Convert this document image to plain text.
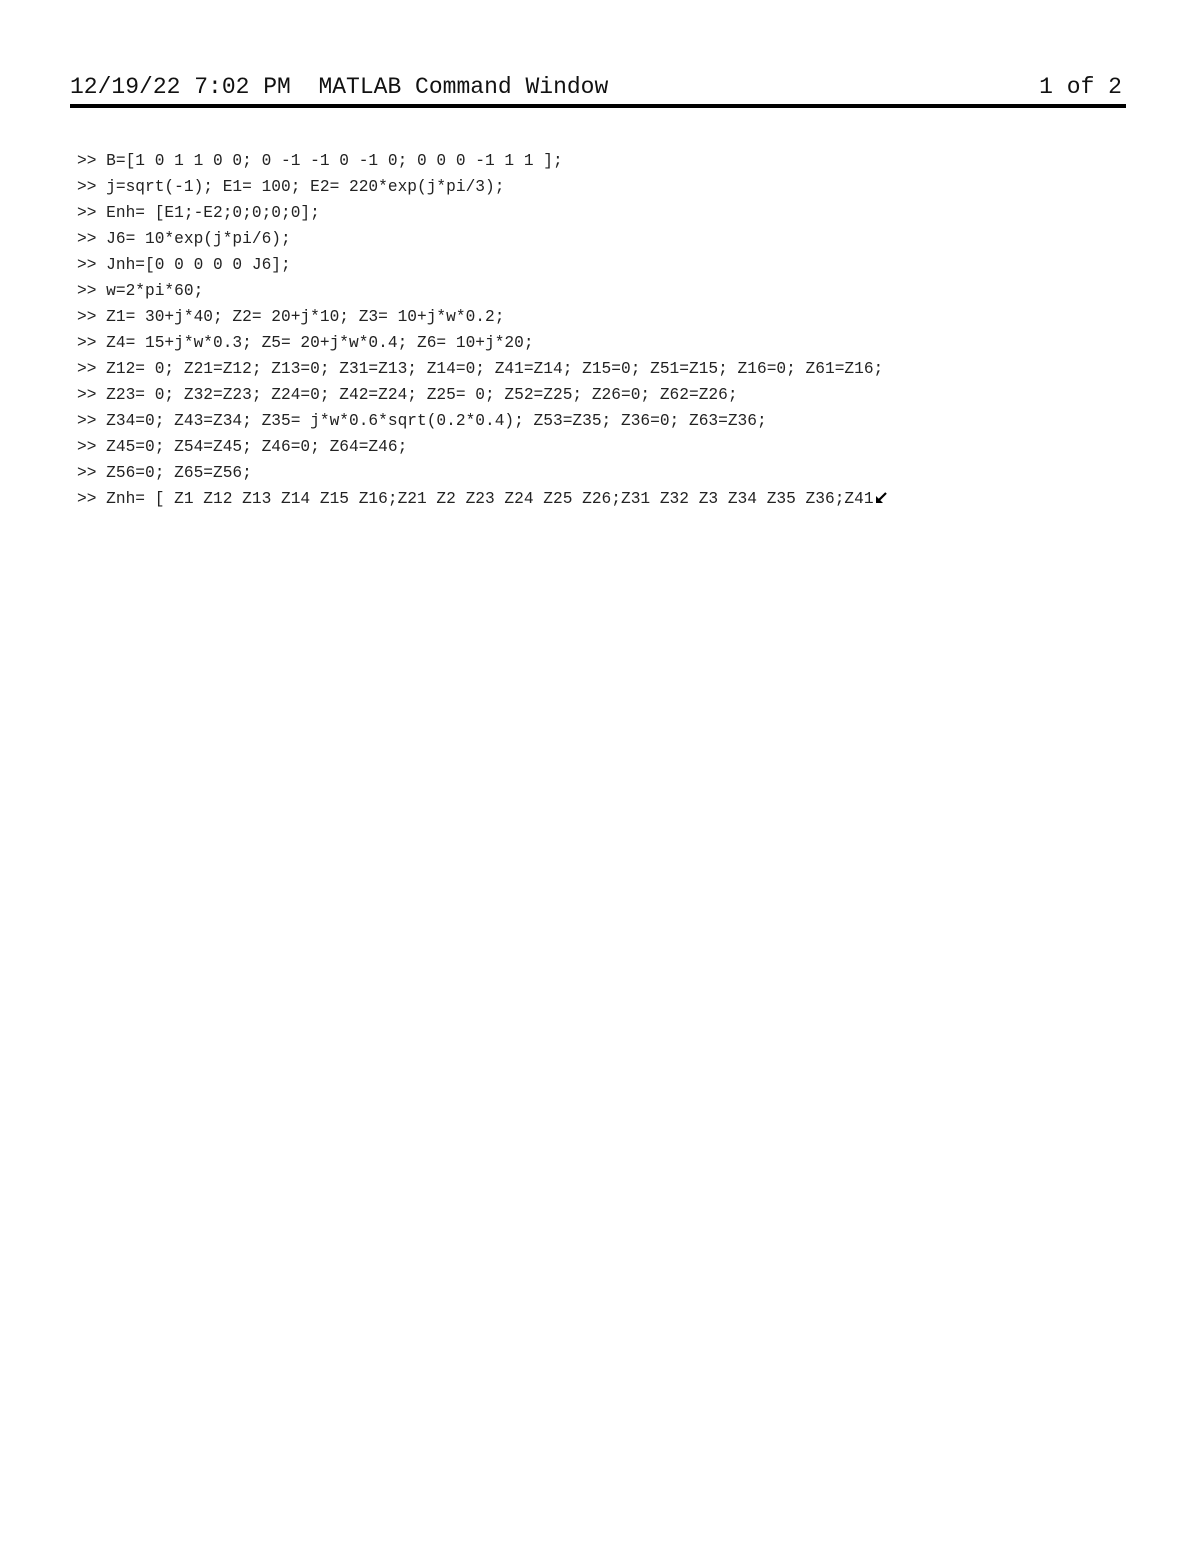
12/19/22 7:02 PM  MATLAB Command Window	1 of 2
>> B=[1 0 1 1 0 0; 0 -1 -1 0 -1 0; 0 0 0 -1 1 1 ];
>> j=sqrt(-1); E1= 100; E2= 220*exp(j*pi/3);
>> Enh= [E1;-E2;0;0;0;0];
>> J6= 10*exp(j*pi/6);
>> Jnh=[0 0 0 0 0 J6];
>> w=2*pi*60;
>> Z1= 30+j*40; Z2= 20+j*10; Z3= 10+j*w*0.2;
>> Z4= 15+j*w*0.3; Z5= 20+j*w*0.4; Z6= 10+j*20;
>> Z12= 0; Z21=Z12; Z13=0; Z31=Z13; Z14=0; Z41=Z14; Z15=0; Z51=Z15; Z16=0; Z61=Z16;
>> Z23= 0; Z32=Z23; Z24=0; Z42=Z24; Z25= 0; Z52=Z25; Z26=0; Z62=Z26;
>> Z34=0; Z43=Z34; Z35= j*w*0.6*sqrt(0.2*0.4); Z53=Z35; Z36=0; Z63=Z36;
>> Z45=0; Z54=Z45; Z46=0; Z64=Z46;
>> Z56=0; Z65=Z56;
>> Znh= [ Z1 Z12 Z13 Z14 Z15 Z16;Z21 Z2 Z23 Z24 Z25 Z26;Z31 Z32 Z3 Z34 Z35 Z36;Z41
